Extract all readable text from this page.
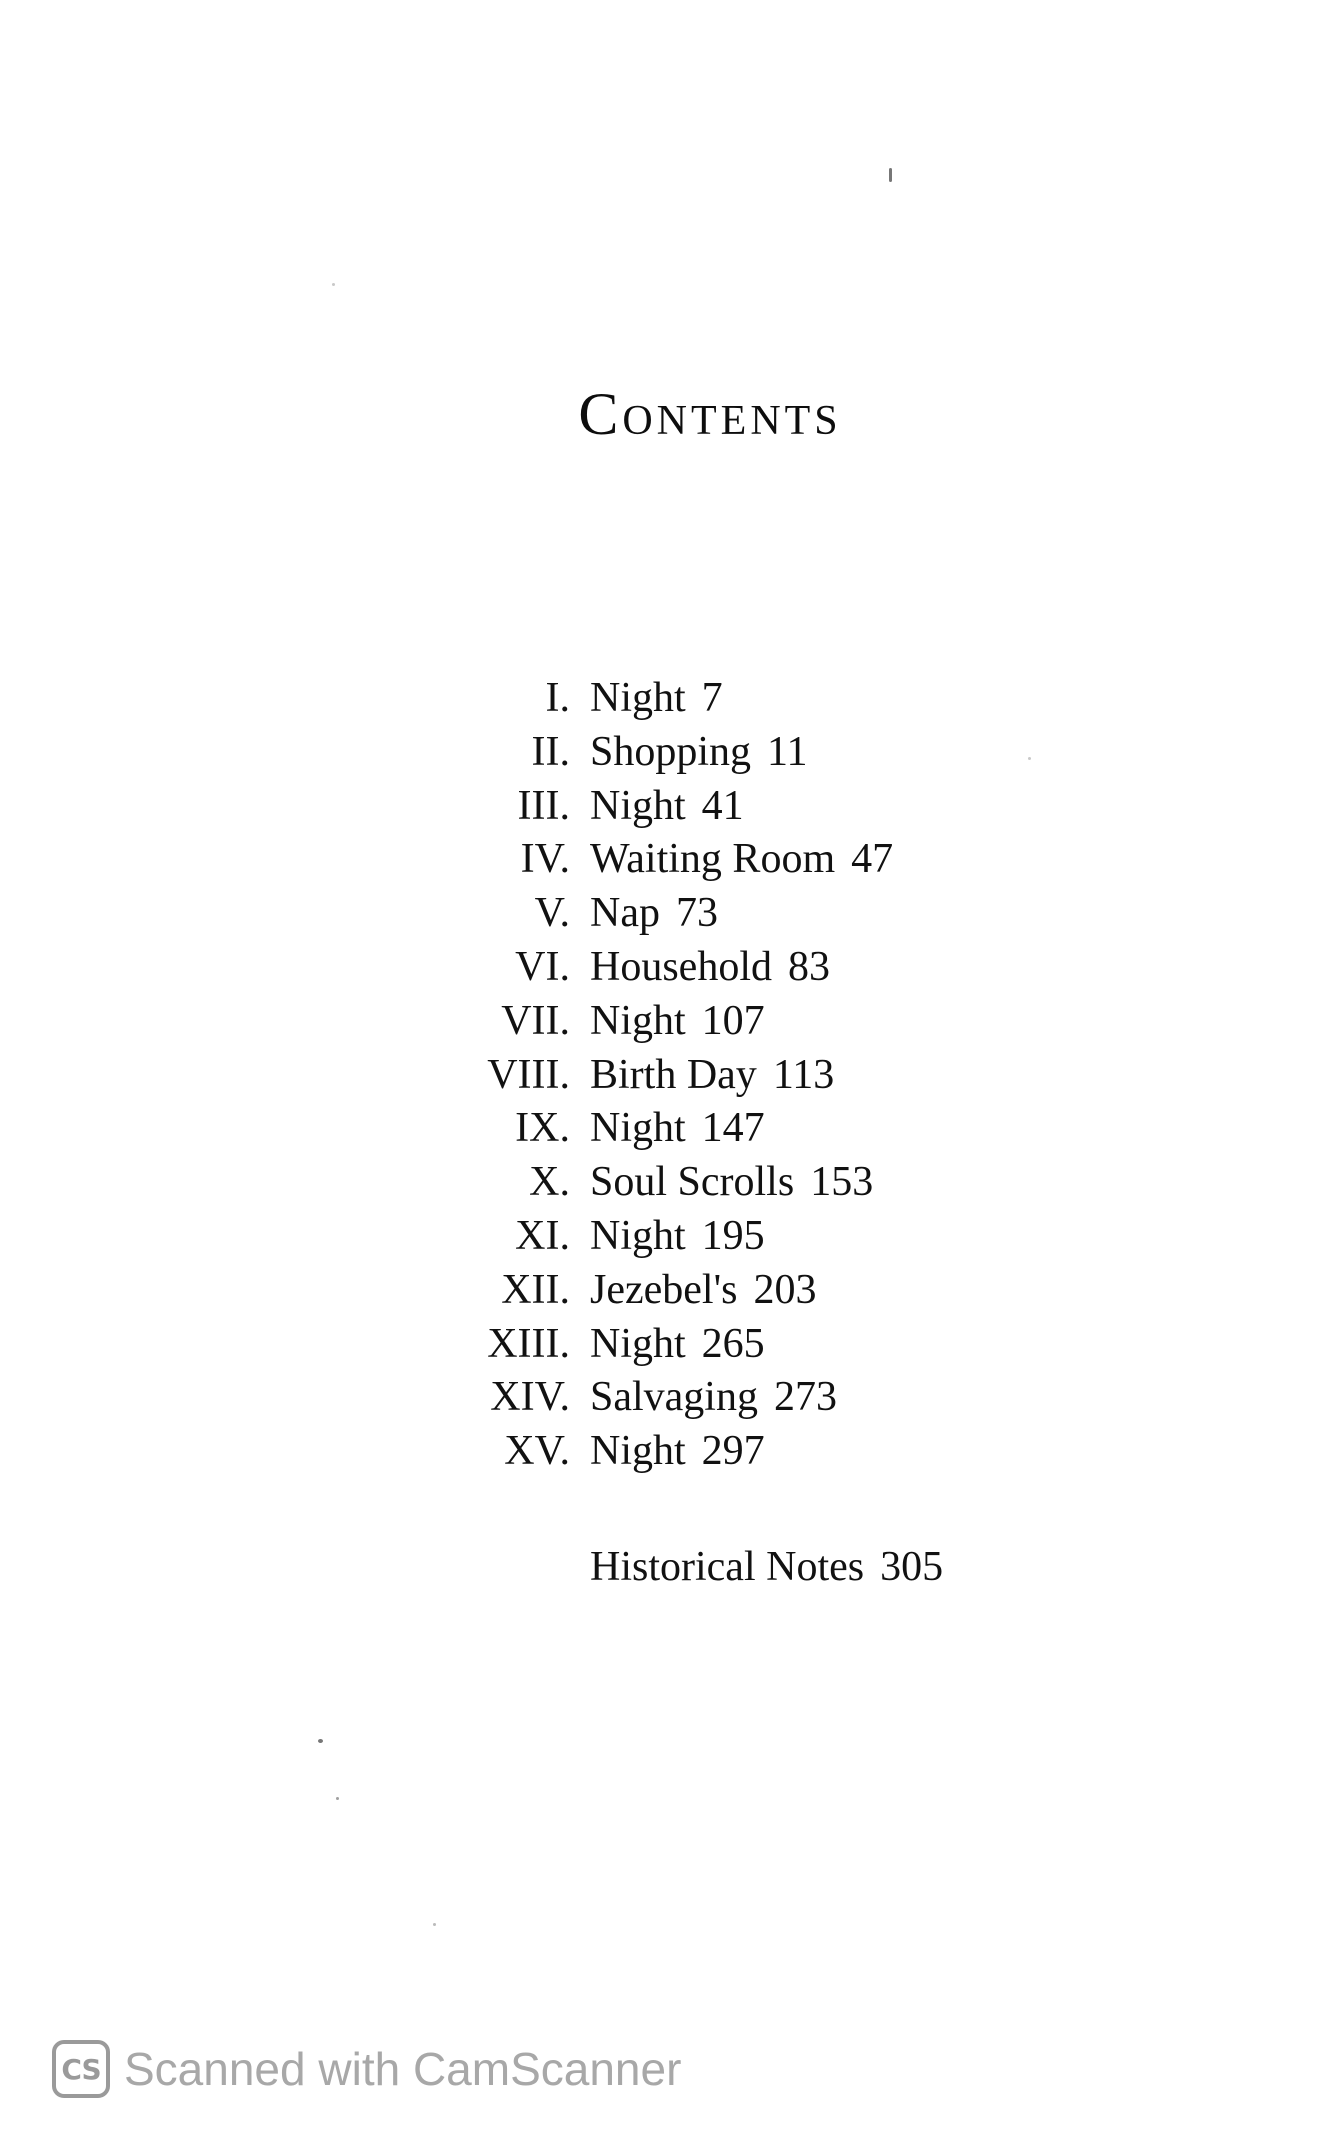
Contents
I. Night 7
II. Shopping 11
III. Night 41
IV. Waiting Room 47
V. Nap 73
VI. Household 83
VII. Night 107
VIII. Birth Day 113
IX. Night 147
X. Soul Scrolls 153
XI. Night 195
XII. Jezebel's 203
XIII. Night 265
XIV. Salvaging 273
XV. Night 297
Historical Notes 305
CS Scanned with CamScanner
